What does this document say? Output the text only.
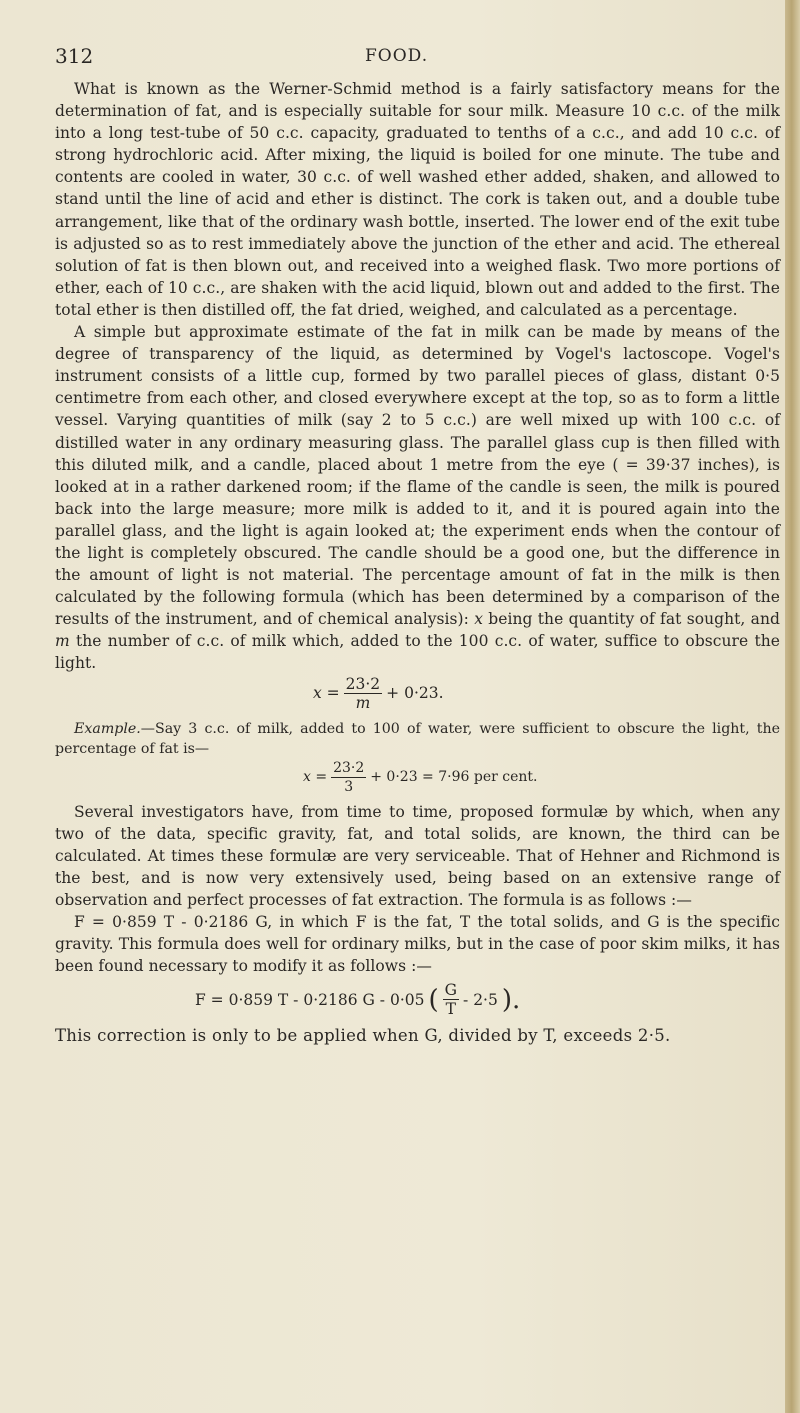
312	FOOD.

What is known as the Werner-Schmid method is a fairly satisfactory means for the determination of fat, and is especially suitable for sour milk. Measure 10 c.c. of the milk into a long test-tube of 50 c.c. capacity, graduated to tenths of a c.c., and add 10 c.c. of strong hydrochloric acid. After mixing, the liquid is boiled for one minute. The tube and contents are cooled in water, 30 c.c. of well washed ether added, shaken, and allowed to stand until the line of acid and ether is distinct. The cork is taken out, and a double tube arrangement, like that of the ordinary wash bottle, inserted. The lower end of the exit tube is adjusted so as to rest immediately above the junction of the ether and acid. The ethereal solution of fat is then blown out, and received into a weighed flask. Two more portions of ether, each of 10 c.c., are shaken with the acid liquid, blown out and added to the first. The total ether is then distilled off, the fat dried, weighed, and calculated as a percentage.

A simple but approximate estimate of the fat in milk can be made by means of the degree of transparency of the liquid, as determined by Vogel's lactoscope. Vogel's instrument consists of a little cup, formed by two parallel pieces of glass, distant 0·5 centimetre from each other, and closed everywhere except at the top, so as to form a little vessel. Varying quantities of milk (say 2 to 5 c.c.) are well mixed up with 100 c.c. of distilled water in any ordinary measuring glass. The parallel glass cup is then filled with this diluted milk, and a candle, placed about 1 metre from the eye ( = 39·37 inches), is looked at in a rather darkened room; if the flame of the candle is seen, the milk is poured back into the large measure; more milk is added to it, and it is poured again into the parallel glass, and the light is again looked at; the experiment ends when the contour of the light is completely obscured. The candle should be a good one, but the difference in the amount of light is not material. The percentage amount of fat in the milk is then calculated by the following formula (which has been determined by a comparison of the results of the instrument, and of chemical analysis): x being the quantity of fat sought, and m the number of c.c. of milk which, added to the 100 c.c. of water, suffice to obscure the light.

$x = \frac{23\cdot 2}{m} + 0\cdot 23$.

Example.—Say 3 c.c. of milk, added to 100 of water, were sufficient to obscure the light, the percentage of fat is—

$x = \frac{23\cdot 2}{3} + 0\cdot 23 = 7\cdot 96$ per cent.

Several investigators have, from time to time, proposed formulæ by which, when any two of the data, specific gravity, fat, and total solids, are known, the third can be calculated. At times these formulæ are very serviceable. That of Hehner and Richmond is the best, and is now very extensively used, being based on an extensive range of observation and perfect processes of fat extraction. The formula is as follows :—

F = 0·859 T - 0·2186 G, in which F is the fat, T the total solids, and G is the specific gravity. This formula does well for ordinary milks, but in the case of poor skim milks, it has been found necessary to modify it as follows :—

F = 0·859 T - 0·2186 G - 0·05 ( $\frac{G}{T} - 2\cdot 5$ ).

This correction is only to be applied when G, divided by T, exceeds 2·5.
